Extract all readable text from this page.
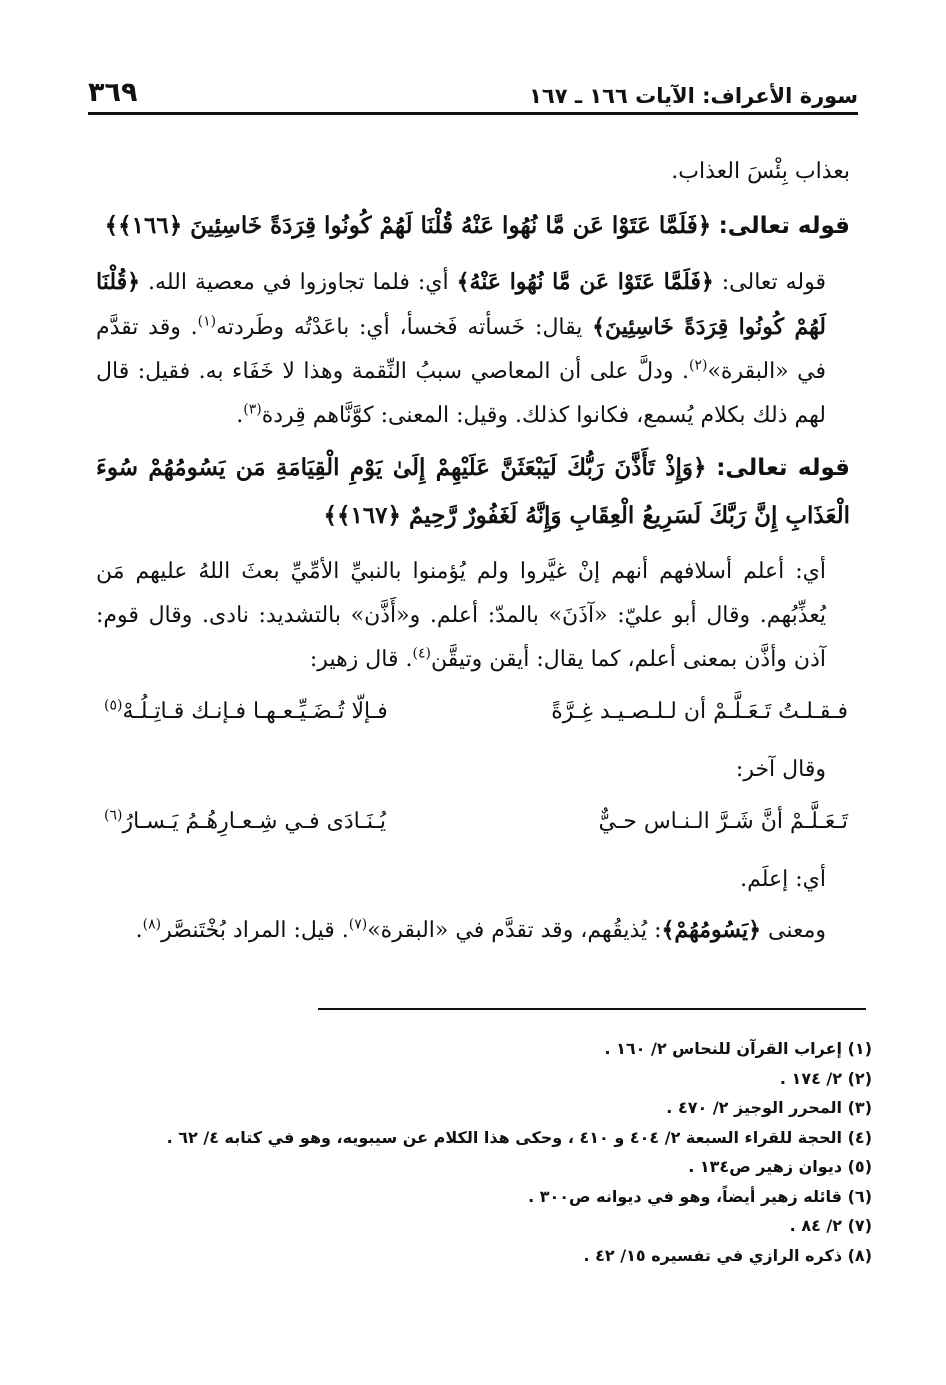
سورة الأعراف: الآيات ١٦٦ ـ ١٦٧
٣٦٩

بعذاب بِئْسَ العذاب.

قوله تعالى: ﴿فَلَمَّا عَتَوْا عَن مَّا نُهُوا عَنْهُ قُلْنَا لَهُمْ كُونُوا قِرَدَةً خَاسِئِينَ ﴿١٦٦﴾﴾

قوله تعالى: ﴿فَلَمَّا عَتَوْا عَن مَّا نُهُوا عَنْهُ﴾ أي: فلما تجاوزوا في معصية الله. ﴿قُلْنَا لَهُمْ كُونُوا قِرَدَةً خَاسِئِينَ﴾ يقال: خَسأته فَخسأ، أي: باعَدْتُه وطَردته$^{(١)}$. وقد تقدَّم في «البقرة»$^{(٢)}$. ودلَّ على أن المعاصي سببُ النِّقمة وهذا لا خَفَاء به. فقيل: قال لهم ذلك بكلام يُسمع، فكانوا كذلك. وقيل: المعنى: كوَّنَّاهم قِردة$^{(٣)}$.

قوله تعالى: ﴿وَإِذْ تَأَذَّنَ رَبُّكَ لَيَبْعَثَنَّ عَلَيْهِمْ إِلَىٰ يَوْمِ الْقِيَامَةِ مَن يَسُومُهُمْ سُوءَ الْعَذَابِ إِنَّ رَبَّكَ لَسَرِيعُ الْعِقَابِ وَإِنَّهُ لَغَفُورٌ رَّحِيمٌ ﴿١٦٧﴾﴾

أي: أعلم أسلافهم أنهم إنْ غيَّروا ولم يُؤمنوا بالنبيِّ الأمِّيِّ بعثَ اللهُ عليهم مَن يُعذِّبُهم. وقال أبو عليّ: «آذَنَ» بالمدّ: أعلم. و«أَذَّن» بالتشديد: نادى. وقال قوم: آذن وأذَّن بمعنى أعلم، كما يقال: أيقن وتيقَّن$^{(٤)}$. قال زهير:

فـقـلـتُ تَـعَـلَّـمْ أن لـلـصـيـد غِـرَّةً
فـإلّا تُـضَـيِّـعـهـا فـإنـك قـاتِـلُـهْ$^{(٥)}$

وقال آخر:

تَـعَـلَّـمْ أنَّ شَـرَّ الـنـاس حـيٌّ
يُـنَـادَى فـي شِـعـارِهُـمُ يَـسـارُ$^{(٦)}$

أي: إعلَم.

ومعنى ﴿يَسُومُهُمْ﴾: يُذيقُهم، وقد تقدَّم في «البقرة»$^{(٧)}$. قيل: المراد بُخْتَنصَّر$^{(٨)}$.

(١) إعراب القرآن للنحاس ٢/ ١٦٠ .
(٢) ٢/ ١٧٤ .
(٣) المحرر الوجيز ٢/ ٤٧٠ .
(٤) الحجة للقراء السبعة ٢/ ٤٠٤ و ٤١٠ ، وحكى هذا الكلام عن سيبويه، وهو في كتابه ٤/ ٦٢ .
(٥) ديوان زهير ص١٣٤ .
(٦) قائله زهير أيضاً، وهو في ديوانه ص٣٠٠ .
(٧) ٢/ ٨٤ .
(٨) ذكره الرازي في تفسيره ١٥/ ٤٢ .
